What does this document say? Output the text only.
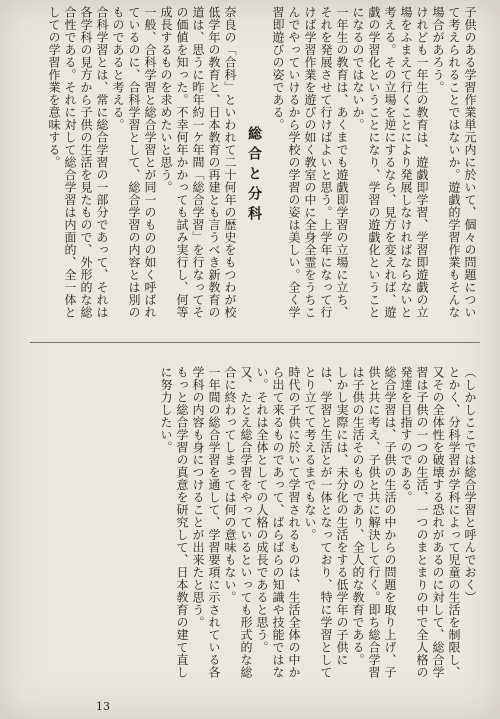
子供のある学習作業単元内に於いて、個々の問題について考えられることではないか。遊戯的学習作業もそんな場合があろう。

けれども一年生の教育は、遊戯即学習、学習即遊戯の立場をふまえて行くことにより発展しなければならないと考える。その立場を逆にするなら、見方を変えれば、遊戯の学習化ということになり、学習の遊戯化ということになるのではないか。

一年生の教育は、あくまでも遊戯即学習の立場に立ち、それを発展させて行けばよいと思う。上学年になって行けば学習作業を遊びの如く教室の中に全身全霊をうちこんでやっていけるから学校の学習の姿は美しい。全く学習即遊びの姿である。

総合と分科

奈良の「合科」といわれて二十何年の歴史をもつわが校低学年の教育と、日本教育の再建とも言うべき新教育の道は、思うに昨年約一ケ年間「総合学習」を行なってその価値を知った。不幸何年かかっても試み実行し、何等成長するものを求めたいと思う。

一般、合科学習と総合学習とが同一のものの如く呼ばれているのに、合科学習として、総合学習の内容とは別のものであると考える。

合科学習とは、常に総合学習の一部分であって、それは各学科の見方から子供の生活を見たもので、外形的な総合性である。それに対して総合学習は内面的、全一体としての学習作業を意味する。

（しかしここでは総合学習と呼んでおく）

とかく、分科学習が学科によって児童の生活を制限し、又その全体性を破壊する恐れがあるのに対して、総合学習は子供の一つの生活、一つのまとまりの中で全人格の発達を目指すのである。

総合学習は、子供の生活の中からの問題を取り上げ、子供と共に考え、子供と共に解決して行く。即ち総合学習は子供の生活そのものであり、全人的な教育である。

しかし実際には、未分化の生活をする低学年の子供には、学習と生活とが一体となっており、特に学習としてとり立てて考えるまでもない。

時代の子供に於いて学習されるものは、生活全体の中から出て来るものであって、ばらばらの知識や技能ではない。それは全体としての人格の成長であると思う。

又、たとえ総合学習をやっているといっても形式的な総合に終わってしまっては何の意味もない。

一年間の総合学習を通して、学習要項に示されている各学科の内容も身につけることが出来たと思う。

もっと総合学習の真意を研究して、日本教育の建て直しに努力したい。

13
